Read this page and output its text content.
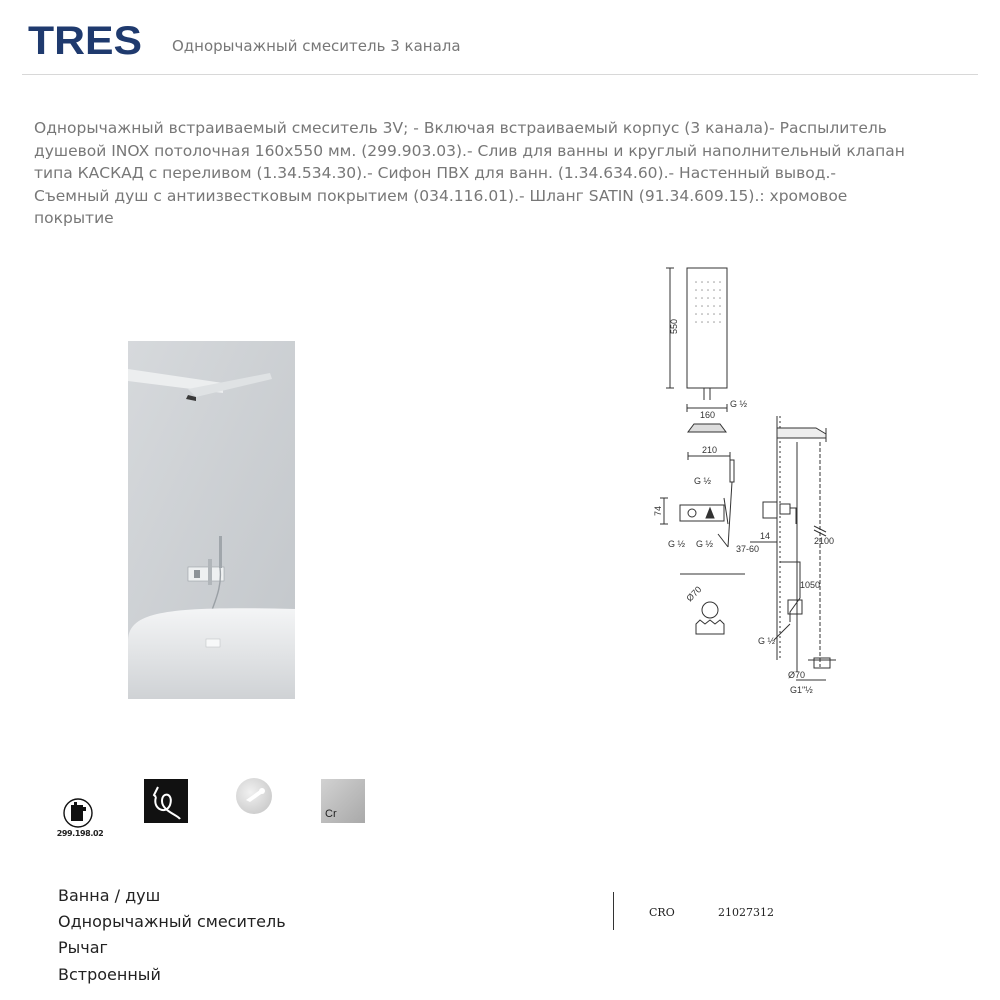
TRES Однорычажный смеситель 3 канала
Однорычажный встраиваемый смеситель 3V; - Включая встраиваемый корпус (3 канала)- Распылитель душевой INOX потолочная 160x550 мм. (299.903.03).- Слив для ванны и круглый наполнительный клапан типа КАСКАД с переливом (1.34.534.30).- Сифон ПВХ для ванн. (1.34.634.60).- Настенный вывод.- Съемный душ с антиизвестковым покрытием (034.116.01).- Шланг SATIN (91.34.609.15).: хромовое покрытие
550
160
G ½
210
G ½
74
G ½ G ½
Ø70
2100
1050
14
37-60
G ½
Ø70
G1"½
299.198.02
Cr
Ванна / душ
Однорычажный смеситель
Рычаг
Встроенный
CRO	21027312
